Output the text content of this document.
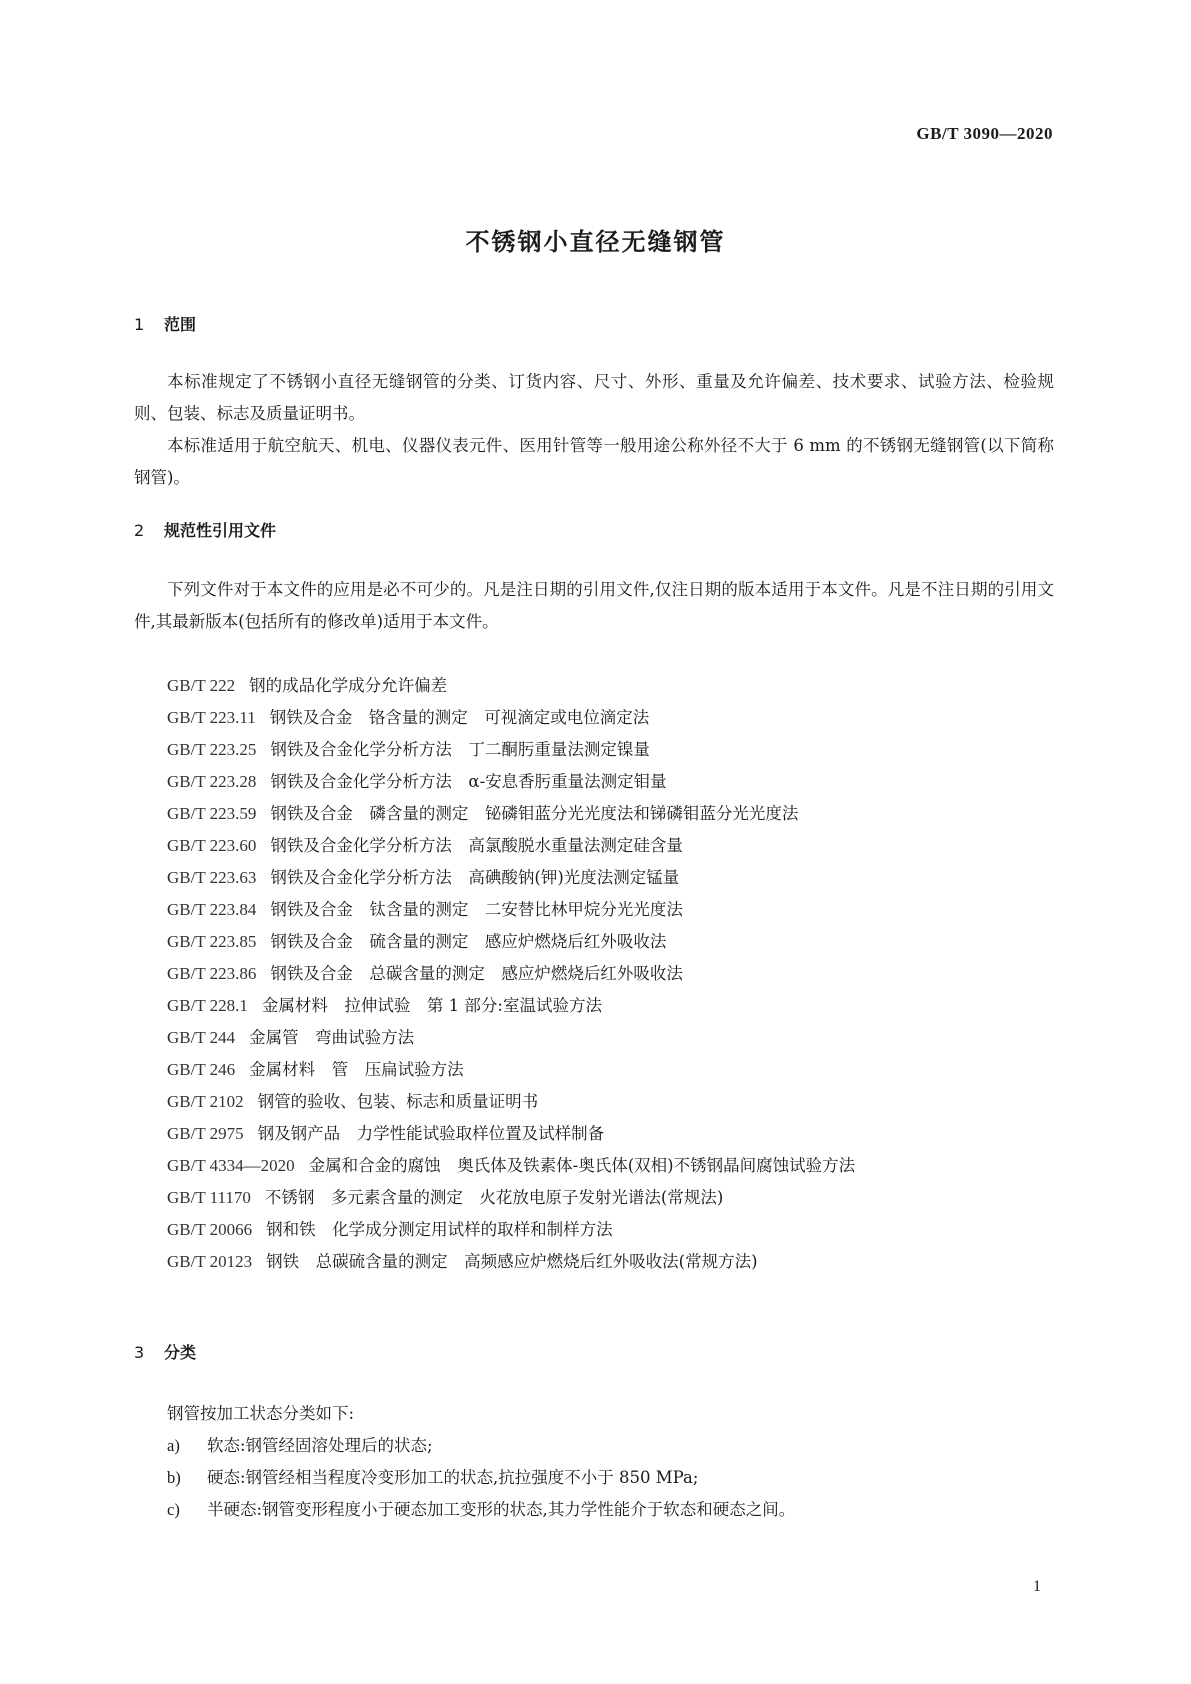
GB/T 3090—2020
不锈钢小直径无缝钢管
1 范围
本标准规定了不锈钢小直径无缝钢管的分类、订货内容、尺寸、外形、重量及允许偏差、技术要求、试验方法、检验规则、包装、标志及质量证明书。
本标准适用于航空航天、机电、仪器仪表元件、医用针管等一般用途公称外径不大于 6 mm 的不锈钢无缝钢管(以下简称钢管)。
2 规范性引用文件
下列文件对于本文件的应用是必不可少的。凡是注日期的引用文件,仅注日期的版本适用于本文件。凡是不注日期的引用文件,其最新版本(包括所有的修改单)适用于本文件。
GB/T 222 钢的成品化学成分允许偏差
GB/T 223.11 钢铁及合金　铬含量的测定　可视滴定或电位滴定法
GB/T 223.25 钢铁及合金化学分析方法　丁二酮肟重量法测定镍量
GB/T 223.28 钢铁及合金化学分析方法　α-安息香肟重量法测定钼量
GB/T 223.59 钢铁及合金　磷含量的测定　铋磷钼蓝分光光度法和锑磷钼蓝分光光度法
GB/T 223.60 钢铁及合金化学分析方法　高氯酸脱水重量法测定硅含量
GB/T 223.63 钢铁及合金化学分析方法　高碘酸钠(钾)光度法测定锰量
GB/T 223.84 钢铁及合金　钛含量的测定　二安替比林甲烷分光光度法
GB/T 223.85 钢铁及合金　硫含量的测定　感应炉燃烧后红外吸收法
GB/T 223.86 钢铁及合金　总碳含量的测定　感应炉燃烧后红外吸收法
GB/T 228.1 金属材料　拉伸试验　第 1 部分:室温试验方法
GB/T 244 金属管　弯曲试验方法
GB/T 246 金属材料　管　压扁试验方法
GB/T 2102 钢管的验收、包装、标志和质量证明书
GB/T 2975 钢及钢产品　力学性能试验取样位置及试样制备
GB/T 4334—2020 金属和合金的腐蚀　奥氏体及铁素体-奥氏体(双相)不锈钢晶间腐蚀试验方法
GB/T 11170 不锈钢　多元素含量的测定　火花放电原子发射光谱法(常规法)
GB/T 20066 钢和铁　化学成分测定用试样的取样和制样方法
GB/T 20123 钢铁　总碳硫含量的测定　高频感应炉燃烧后红外吸收法(常规方法)
3 分类
钢管按加工状态分类如下:
a) 软态:钢管经固溶处理后的状态;
b) 硬态:钢管经相当程度冷变形加工的状态,抗拉强度不小于 850 MPa;
c) 半硬态:钢管变形程度小于硬态加工变形的状态,其力学性能介于软态和硬态之间。
1
